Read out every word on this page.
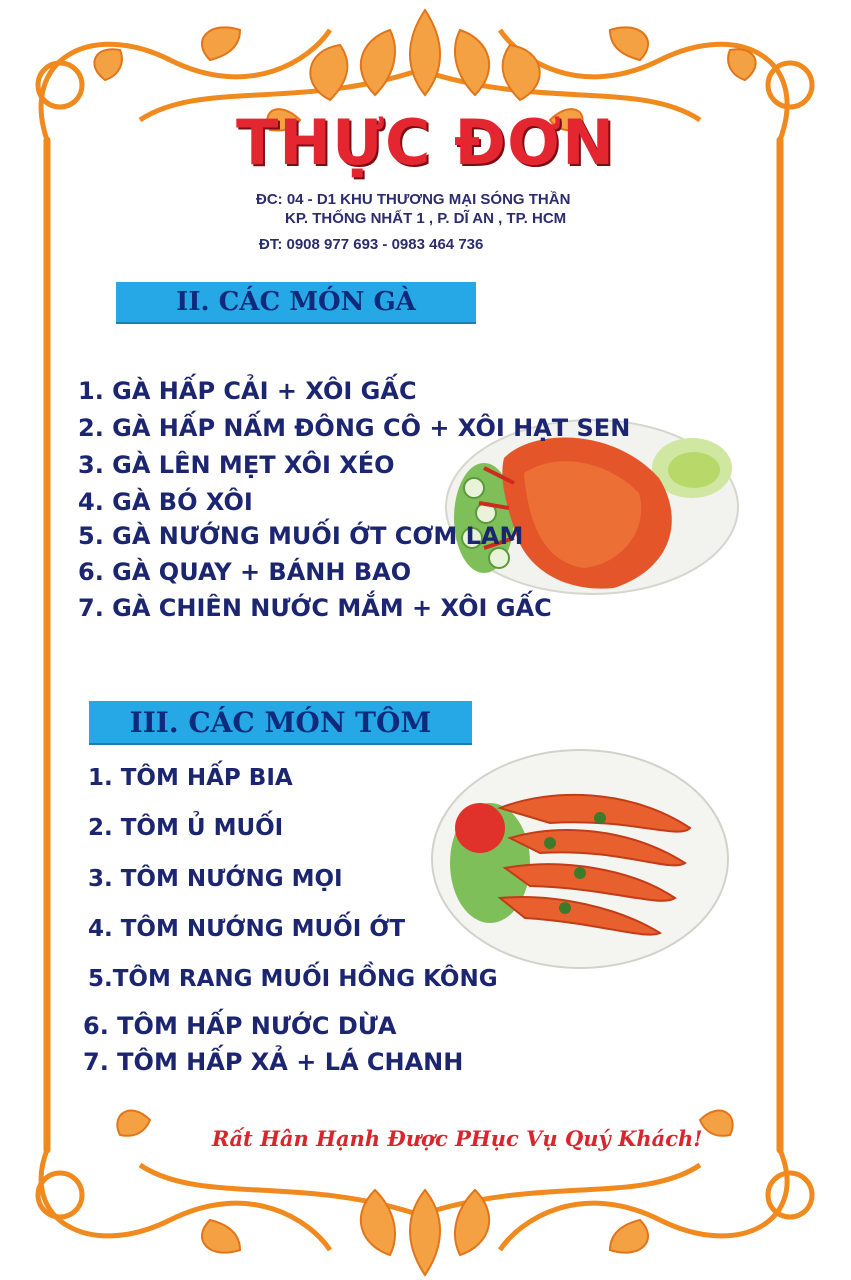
THỰC ĐƠN
ĐC: 04 - D1 KHU THƯƠNG MẠI SÓNG THẦN
KP. THỐNG NHẤT 1 , P. DĨ AN , TP. HCM
ĐT: 0908 977 693 - 0983 464 736
II. CÁC MÓN GÀ
1. GÀ HẤP CẢI + XÔI GẤC
2. GÀ HẤP NẤM ĐÔNG CÔ + XÔI HẠT SEN
3. GÀ LÊN MẸT XÔI XÉO
4. GÀ BÓ XÔI
5. GÀ NƯỚNG MUỐI ỚT CƠM LAM
6. GÀ QUAY + BÁNH BAO
7. GÀ CHIÊN NƯỚC MẮM + XÔI GẤC
III. CÁC MÓN TÔM
1. TÔM HẤP BIA
2. TÔM Ủ MUỐI
3. TÔM NƯỚNG MỌI
4. TÔM NƯỚNG MUỐI ỚT
5.TÔM RANG MUỐI HỒNG KÔNG
6. TÔM HẤP NƯỚC DỪA
7. TÔM HẤP XẢ + LÁ CHANH
Rất Hân Hạnh Được PHục Vụ Quý Khách!
